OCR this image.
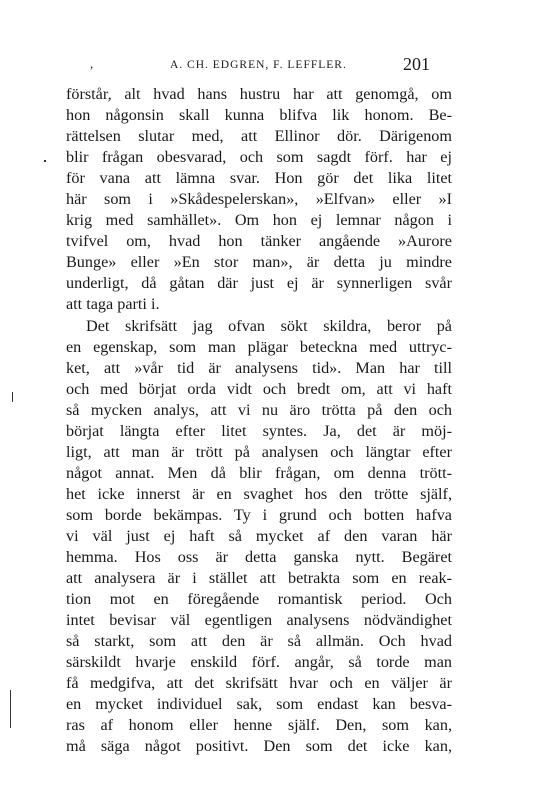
,	A. CH. EDGREN, F. LEFFLER.	201
förstår, alt hvad hans hustru har att genomgå, om
hon någonsin skall kunna blifva lik honom. Be-
rättelsen slutar med, att Ellinor dör. Därigenom
blir frågan obesvarad, och som sagdt förf. har ej
för vana att lämna svar. Hon gör det lika litet
här som i »Skådespelerskan», »Elfvan» eller »I
krig med samhället». Om hon ej lemnar någon i
tvifvel om, hvad hon tänker angående »Aurore
Bunge» eller »En stor man», är detta ju mindre
underligt, då gåtan där just ej är synnerligen svår
att taga parti i.
Det skrifsätt jag ofvan sökt skildra, beror på
en egenskap, som man plägar beteckna med uttryc-
ket, att »vår tid är analysens tid». Man har till
och med börjat orda vidt och bredt om, att vi haft
så mycken analys, att vi nu äro trötta på den och
börjat längta efter litet syntes. Ja, det är möj-
ligt, att man är trött på analysen och längtar efter
något annat. Men då blir frågan, om denna trött-
het icke innerst är en svaghet hos den trötte själf,
som borde bekämpas. Ty i grund och botten hafva
vi väl just ej haft så mycket af den varan här
hemma. Hos oss är detta ganska nytt. Begäret
att analysera är i stället att betrakta som en reak-
tion mot en föregående romantisk period. Och
intet bevisar väl egentligen analysens nödvändighet
så starkt, som att den är så allmän. Och hvad
särskildt hvarje enskild förf. angår, så torde man
få medgifva, att det skrifsätt hvar och en väljer är
en mycket individuel sak, som endast kan besva-
ras af honom eller henne själf. Den, som kan,
må säga något positivt. Den som det icke kan,
